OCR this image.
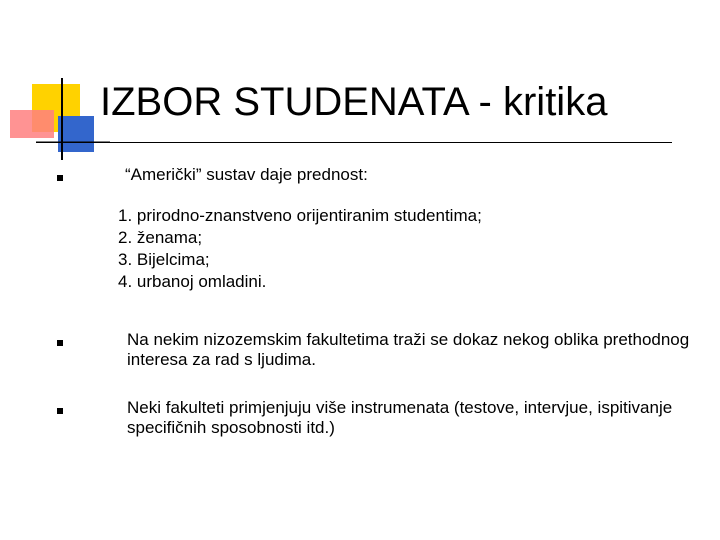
IZBOR STUDENATA - kritika
“Američki” sustav daje prednost:
1. prirodno-znanstveno orijentiranim studentima;
2. ženama;
3. Bijelcima;
4. urbanoj omladini.
Na nekim nizozemskim fakultetima traži se dokaz nekog oblika prethodnog interesa za rad s ljudima.
Neki fakulteti primjenjuju više instrumenata (testove, intervjue, ispitivanje specifičnih sposobnosti itd.)
